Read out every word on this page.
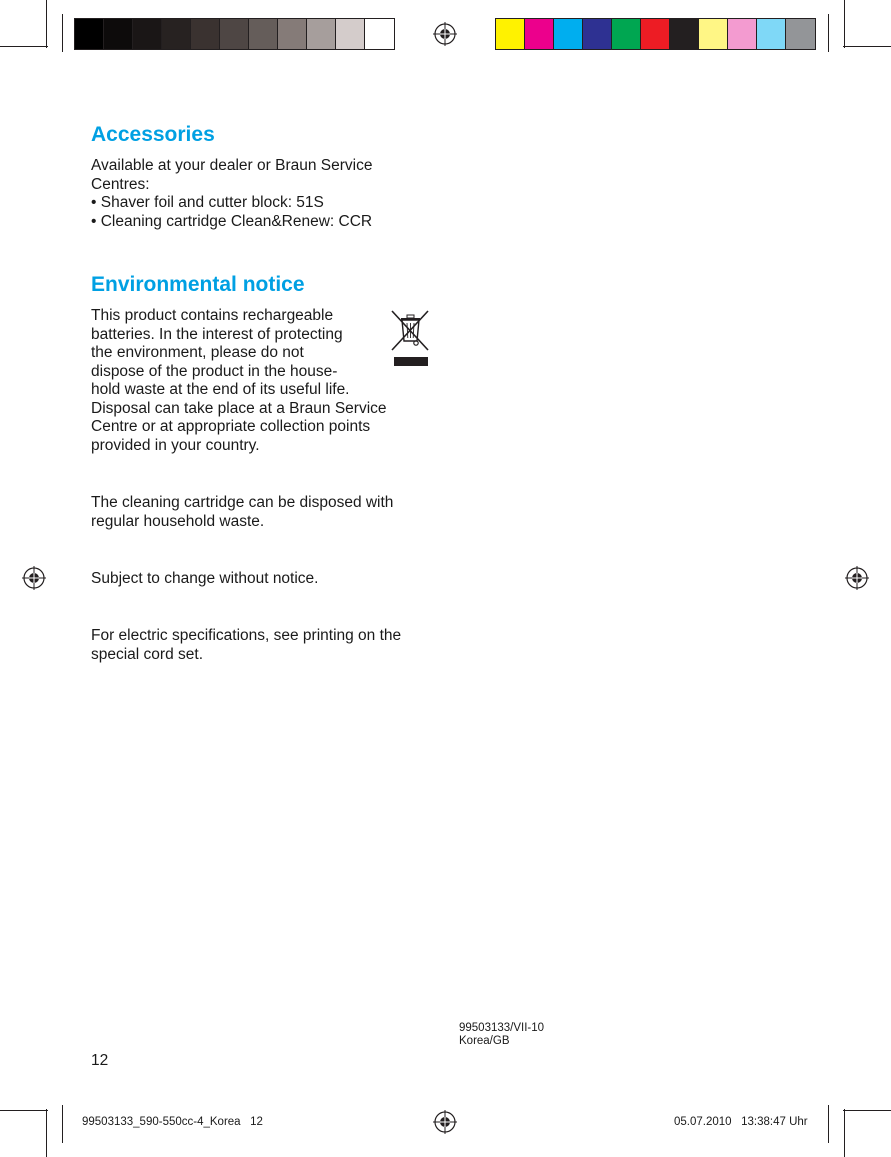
Accessories
Available at your dealer or Braun Service
Centres:
• Shaver foil and cutter block: 51S
• Cleaning cartridge Clean&Renew: CCR
Environmental notice
This product contains rechargeable
batteries. In the interest of protecting
the environment, please do not
dispose of the product in the house-
hold waste at the end of its useful life.
Disposal can take place at a Braun Service
Centre or at appropriate collection points
provided in your country.
The cleaning cartridge can be disposed with
regular household waste.
Subject to change without notice.
For electric specifications, see printing on the
special cord set.
99503133/VII-10
Korea/GB
12
99503133_590-550cc-4_Korea   12	05.07.2010   13:38:47 Uhr
